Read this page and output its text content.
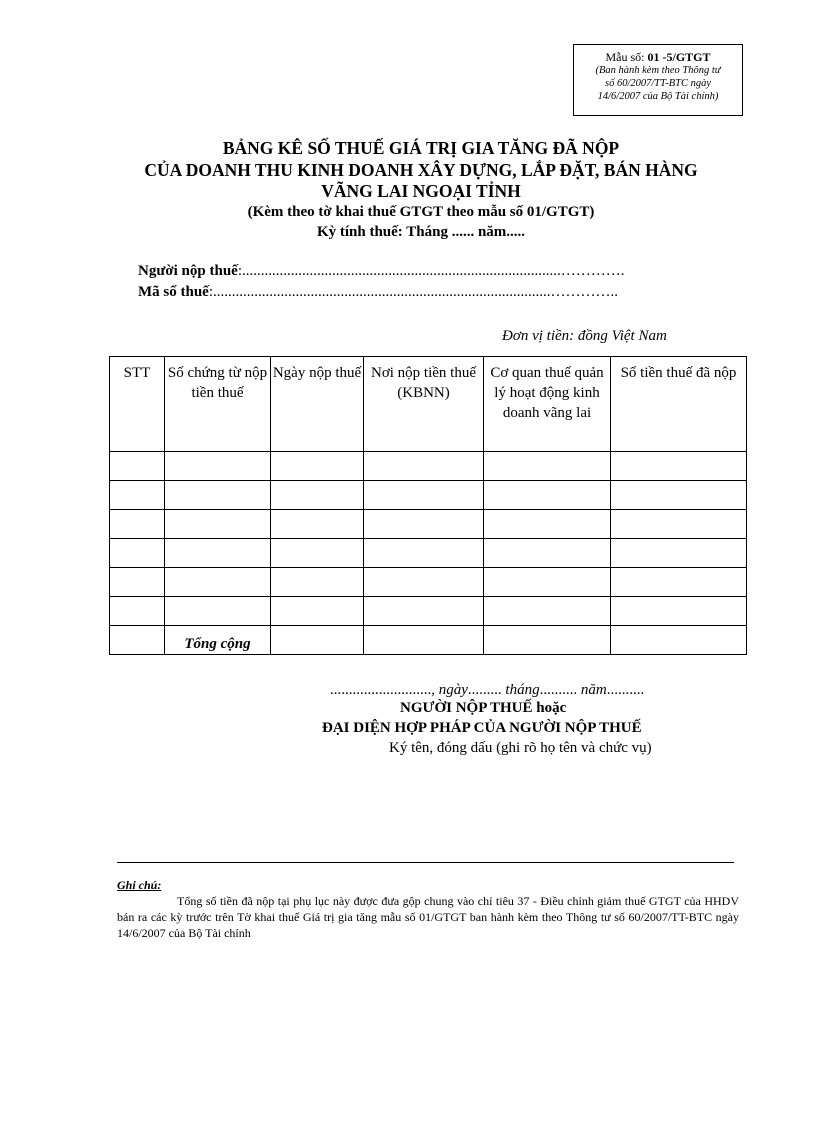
Mẫu số: 01 -5/GTGT
(Ban hành kèm theo Thông tư
số 60/2007/TT-BTC ngày
14/6/2007 của Bộ Tài chính)
BẢNG KÊ SỐ THUẾ GIÁ TRỊ GIA TĂNG ĐÃ NỘP
CỦA DOANH THU KINH DOANH XÂY DỰNG, LẮP ĐẶT, BÁN HÀNG
VÃNG LAI NGOẠI TỈNH
(Kèm theo tờ khai thuế GTGT theo mẫu số 01/GTGT)
Kỳ tính thuế: Tháng ...... năm.....
Người nộp thuế:.....................................................................................………….
Mã số thuế:..........................................................................................…………..
Đơn vị tiền: đồng Việt Nam
STT	Số chứng từ nộp tiền thuế	Ngày nộp thuế	Nơi nộp tiền thuế (KBNN)	Cơ quan thuế quản lý hoạt động kinh doanh vãng lai	Số tiền thuế đã nộp

	Tổng cộng				
..........................., ngày......... tháng.......... năm..........
NGƯỜI NỘP THUẾ hoặc
ĐẠI DIỆN HỢP PHÁP CỦA NGƯỜI NỘP THUẾ
Ký tên, đóng dấu (ghi rõ họ tên và chức vụ)
Ghi chú:
Tổng số tiền đã nộp tại phụ lục này được đưa gộp chung vào chỉ tiêu 37 - Điều chỉnh giảm thuế GTGT của HHDV bán ra các kỳ trước trên Tờ khai thuế Giá trị gia tăng mẫu số 01/GTGT ban hành kèm theo Thông tư số 60/2007/TT-BTC ngày 14/6/2007 của Bộ Tài chính
